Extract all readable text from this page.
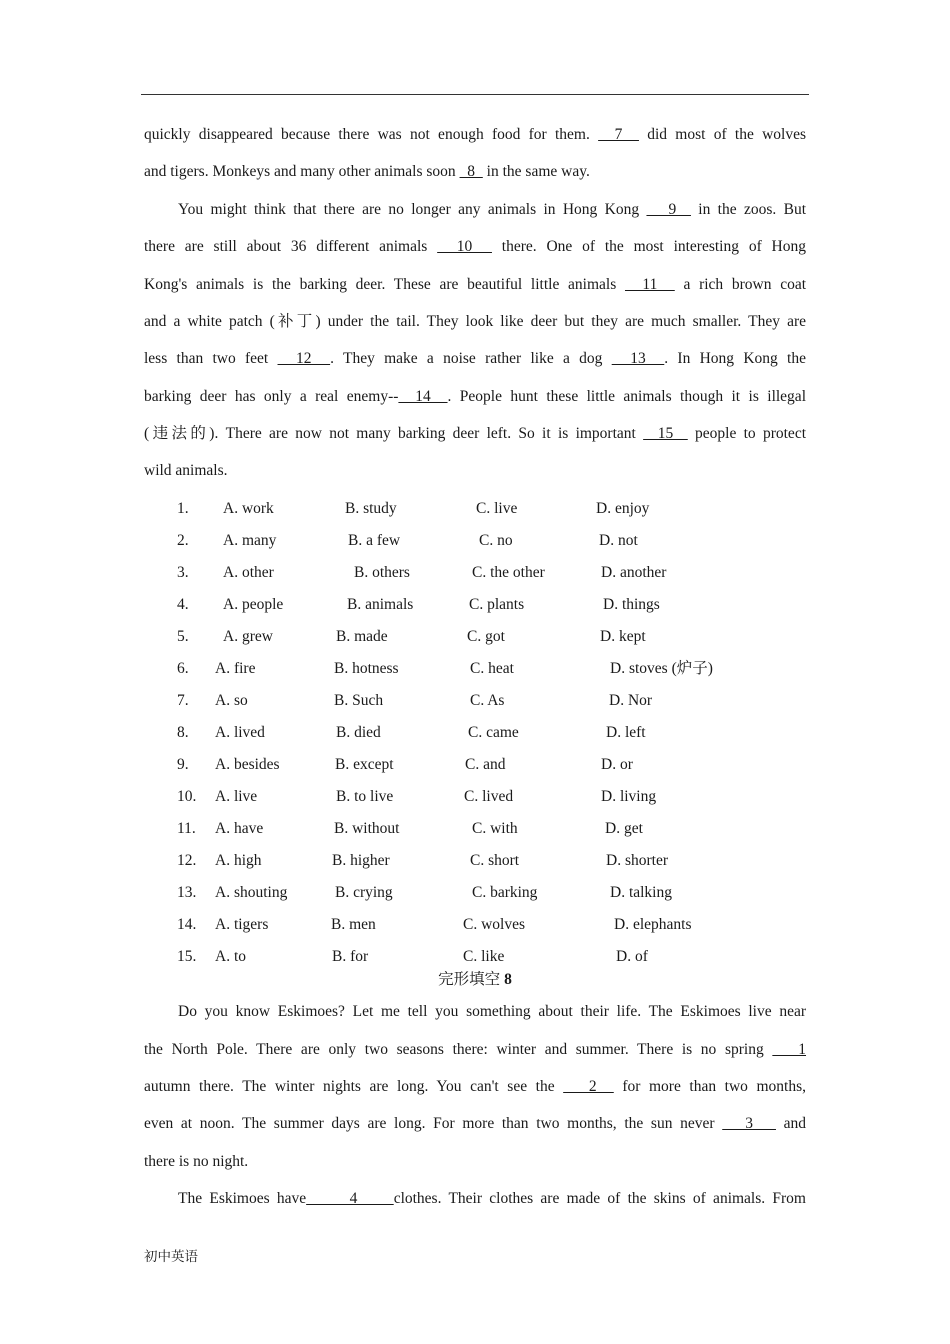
quickly disappeared because there was not enough food for them.   7   did most of the wolves
and tigers. Monkeys and many other animals soon   8   in the same way.
You might think that there are no longer any animals in Hong Kong    9   in the zoos. But
there are still about 36 different animals   10   there. One of the most interesting of Hong
Kong's animals is the barking deer. These are beautiful little animals   11   a rich brown coat
and a white patch (补丁) under the tail. They look like deer but they are much smaller. They are
less than two feet   12  . They make a noise rather like a dog   13  . In Hong Kong the
barking deer has only a real enemy--  14  . People hunt these little animals though it is illegal
(违法的). There are now not many barking deer left. So it is important   15   people to protect
wild animals.
1. A. work	B. study	C. live	D. enjoy
2. A. many	B. a few	C. no	D. not
3. A. other	B. others	C. the other	D. another
4. A. people	B. animals	C. plants	D. things
5. A. grew	B. made	C. got	D. kept
6. A. fire	B. hotness	C. heat	D. stoves (炉子)
7. A. so	B. Such	C. As	D. Nor
8. A. lived	B. died	C. came	D. left
9. A. besides	B. except	C. and	D. or
10. A. live	B. to live	C. lived	D. living
11. A. have	B. without	C. with	D. get
12. A. high	B. higher	C. short	D. shorter
13. A. shouting	B. crying	C. barking	D. talking
14. A. tigers	B. men	C. wolves	D. elephants
15. A. to	B. for	C. like	D. of
完形填空 8
Do you know Eskimoes? Let me tell you something about their life. The Eskimoes live near
the North Pole. There are only two seasons there: winter and summer. There is no spring    1
autumn there. The winter nights are long. You can't see the    2   for more than two months,
even at noon. The summer days are long. For more than two months, the sun never    3    and
there is no night.
The Eskimoes have      4     clothes. Their clothes are made of the skins of animals. From
初中英语
